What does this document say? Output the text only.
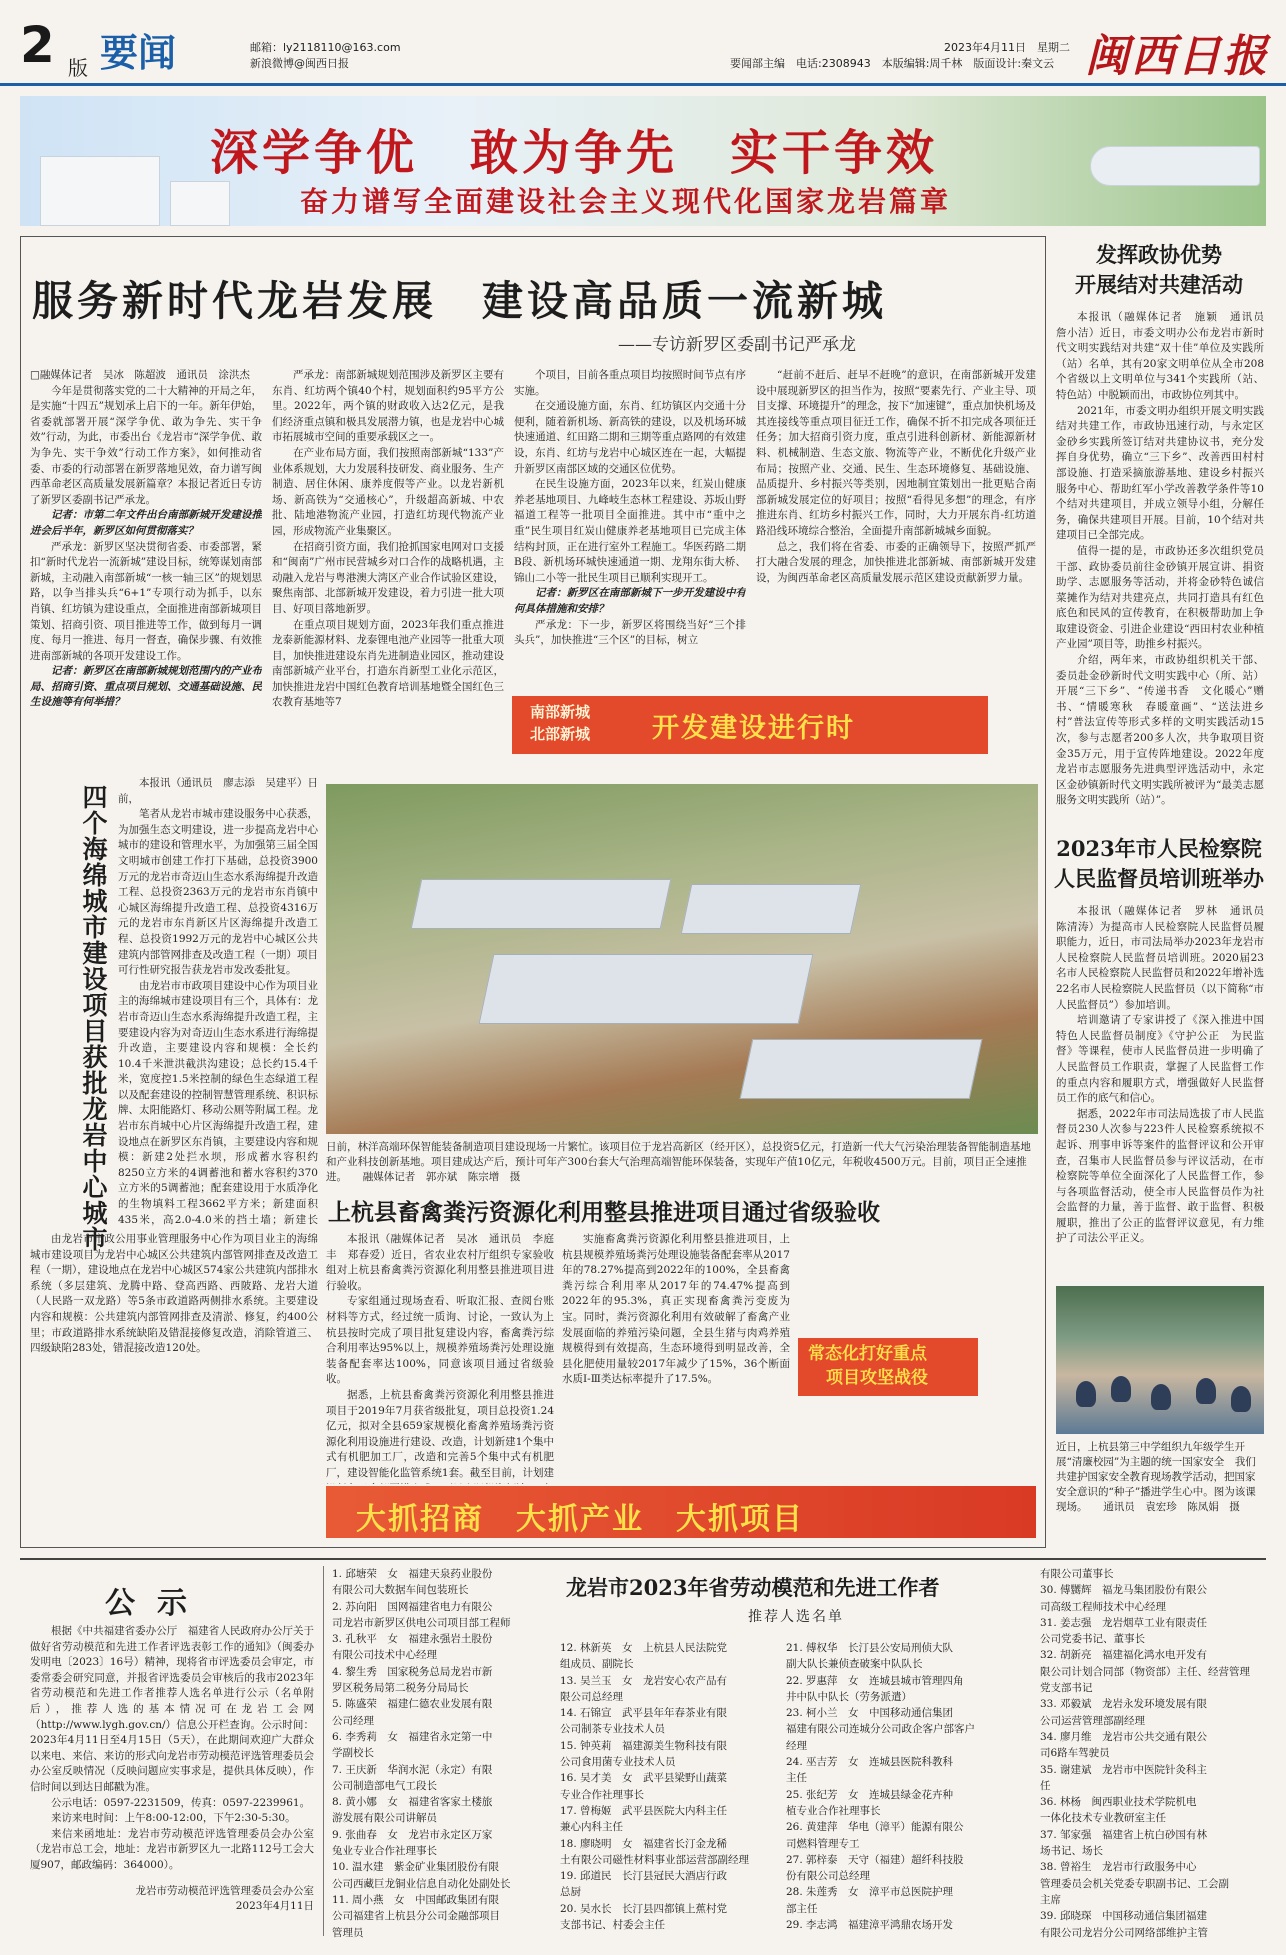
2 版 要闻	邮箱：ly2118110@163.com
新浪微博@闽西日报
2023年4月11日　星期二
要闻部主编　电话:2308943　本版编辑:周千林　版面设计:秦文云 闽西日报
深学争优　敢为争先　实干争效
奋力谱写全面建设社会主义现代化国家龙岩篇章
服务新时代龙岩发展　建设高品质一流新城
——专访新罗区委副书记严承龙

□融媒体记者　吴冰　陈超波　通讯员　涂洪杰

今年是贯彻落实党的二十大精神的开局之年，是实施“十四五”规划承上启下的一年。新年伊始，省委就部署开展“深学争优、敢为争先、实干争效”行动，为此，市委出台《龙岩市“深学争优、敢为争先、实干争效”行动工作方案》，如何推动省委、市委的行动部署在新罗落地见效，奋力谱写闽西革命老区高质量发展新篇章？本报记者近日专访了新罗区委副书记严承龙。

记者：市第二年文件出台南部新城开发建设推进会后半年，新罗区如何贯彻落实？

严承龙：新罗区坚决贯彻省委、市委部署，紧扣“新时代龙岩一流新城”建设目标，统筹谋划南部新城，主动融入南部新城“一核一轴三区”的规划思路，以争当排头兵“6+1”专项行动为抓手，以东肖镇、红坊镇为建设重点，全面推进南部新城项目策划、招商引资、项目推进等工作，做到每月一调度、每月一推进、每月一督查，确保步骤、有效推进南部新城的各项开发建设工作。

记者：新罗区在南部新城规划范围内的产业布局、招商引资、重点项目规划、交通基础设施、民生设施等有何举措？

严承龙：南部新城规划范围涉及新罗区主要有东肖、红坊两个镇40个村，规划面积约95平方公里。2022年，两个镇的财政收入达2亿元，是我们经济重点镇和极具发展潜力镇，也是龙岩中心城市拓展城市空间的重要承载区之一。

在产业布局方面，我们按照南部新城“133”产业体系规划，大力发展科技研发、商业服务、生产制造、居住休闲、康养度假等产业。以龙岩新机场、新高铁为“交通核心”，升级超高新城、中农批、陆地港物流产业园，打造红坊现代物流产业园，形成物流产业集聚区。

在招商引资方面，我们抢抓国家电网对口支援和“闽南”广州市民营城乡对口合作的战略机遇，主动融入龙岩与粤港澳大湾区产业合作试验区建设，聚焦南部、北部新城开发建设，着力引进一批大项目、好项目落地新罗。

在重点项目规划方面，2023年我们重点推进龙泰新能源材料、龙泰锂电池产业园等一批重大项目，加快推进建设东肖先进制造业园区，推动建设南部新城产业平台，打造东肖新型工业化示范区，加快推进龙岩中国红色教育培训基地暨全国红色三农教育基地等7

个项目，目前各重点项目均按照时间节点有序实施。

在交通设施方面，东肖、红坊镇区内交通十分便利，随着新机场、新高铁的建设，以及机场环城快速通道、红田路二期和三期等重点路网的有效建设，东肖、红坊与龙岩中心城区连在一起，大幅提升新罗区南部区域的交通区位优势。

在民生设施方面，2023年以来，红炭山健康养老基地项目、九峰岐生态林工程建设、苏坂山野福道工程等一批项目全面推进。其中市“重中之重”民生项目红炭山健康养老基地项目已完成主体结构封顶，正在进行室外工程施工。华医药路二期B段、新机场环城快速通道一期、龙翔东街大桥、锦山二小等一批民生项目已顺利实现开工。

记者：新罗区在南部新城下一步开发建设中有何具体措施和安排？

严承龙：下一步，新罗区将围绕当好“三个排头兵”，加快推进“三个区”的目标，树立

“赶前不赶后、赶早不赶晚”的意识，在南部新城开发建设中展现新罗区的担当作为，按照“要素先行、产业主导、项目支撑、环境提升”的理念，按下“加速键”，重点加快机场及其连接线等重点项目征迁工作，确保不折不扣完成各项征迁任务；加大招商引资力度，重点引进科创新材、新能源新材料、机械制造、生态文旅、物流等产业，不断优化升级产业布局；按照产业、交通、民生、生态环境修复、基础设施、品质提升、乡村振兴等类别，因地制宜策划出一批更贴合南部新城发展定位的好项目；按照“看得见多想”的理念，有序推进东肖、红坊乡村振兴工作，同时，大力开展东肖-红坊道路沿线环境综合整治，全面提升南部新城城乡面貌。

总之，我们将在省委、市委的正确领导下，按照严抓严打大融合发展的理念，加快推进北部新城、南部新城开发建设，为闽西革命老区高质量发展示范区建设贡献新罗力量。

南部新城
北部新城 开发建设进行时
四个海绵城市建设项目获批龙岩中心城市

本报讯（通讯员　廖志添　吴建平）日前，

笔者从龙岩市城市建设服务中心获悉，为加强生态文明建设，进一步提高龙岩中心城市的建设和管理水平，为加强第三届全国文明城市创建工作打下基础，总投资3900万元的龙岩市奇迈山生态水系海绵提升改造工程、总投资2363万元的龙岩市东肖镇中心城区海绵提升改造工程、总投资4316万元的龙岩市东肖新区片区海绵提升改造工程、总投资1992万元的龙岩中心城区公共建筑内部管网排查及改造工程（一期）项目可行性研究报告获龙岩市发改委批复。

由龙岩市市政项目建设中心作为项目业主的海绵城市建设项目有三个，具体有：龙岩市奇迈山生态水系海绵提升改造工程，主要建设内容为对奇迈山生态水系进行海绵提升改造，主要建设内容和规模：全长约10.4千米泄洪截洪沟建设；总长约15.4千米，宽度控1.5米控制的绿色生态绿道工程以及配套建设的控制智慧管理系统、积识标牌、太阳能路灯、移动公厕等附属工程。龙岩市东肖城中心片区海绵提升改造工程，建设地点在新罗区东肖镇，主要建设内容和规模：新建2处拦水坝，形成蓄水容积约8250立方米的4调蓄池和蓄水容积约370立方米的5调蓄池；配套建设用于水质净化的生物填料工程3662平方米；新建面积435米，高2.0-4.0米的挡土墙；新建长

由龙岩市市政公用事业管理服务中心作为项目业主的海绵城市建设项目为龙岩中心城区公共建筑内部管网排查及改造工程（一期），建设地点在龙岩中心城区574家公共建筑内部排水系统（多层建筑、龙腾中路、登高西路、西陂路、龙岩大道（人民路一双龙路）等5条市政道路两侧排水系统。主要建设内容和规模：公共建筑内部管网排查及清淤、修复，约400公里；市政道路排水系统缺陷及错混接修复改造，消除管道三、四级缺陷283处，错混接改造120处。

日前，林洋高端环保智能装备制造项目建设现场一片繁忙。该项目位于龙岩高新区（经开区），总投资5亿元，打造新一代大气污染治理装备智能制造基地和产业科技创新基地。项目建成达产后，预计可年产300台套大气治理高端智能环保装备，实现年产值10亿元，年税收4500万元。目前，项目正全速推进。　　融媒体记者　郭亦斌　陈宗增　摄
上杭县畜禽粪污资源化利用整县推进项目通过省级验收

本报讯（融媒体记者　吴冰　通讯员　李庭丰　郑春爱）近日，省农业农村厅组织专家验收组对上杭县畜禽粪污资源化利用整县推进项目进行验收。

专家组通过现场查看、听取汇报、查阅台账材料等方式，经过统一质询、讨论，一致认为上杭县按时完成了项目批复建设内容，畜禽粪污综合利用率达95%以上，规模养殖场粪污处理设施装备配套率达100%，同意该项目通过省级验收。

据悉，上杭县畜禽粪污资源化利用整县推进项目于2019年7月获省级批复，项目总投资1.24亿元，拟对全县659家规模化畜禽养殖场粪污资源化利用设施进行建设、改造，计划新建1个集中式有机肥加工厂，改造和完善5个集中式有机肥厂，建设智能化监管系统1套。截至目前，计划建

实施畜禽粪污资源化利用整县推进项目，上杭县规模养殖场粪污处理设施装备配套率从2017年的78.27%提高到2022年的100%，全县畜禽粪污综合利用率从2017年的74.47%提高到2022年的95.3%，真正实现畜禽粪污变废为宝。同时，粪污资源化利用有效破解了畜禽产业发展面临的养殖污染问题，全县生猪与肉鸡养殖规模得到有效提高，生态环境得到明显改善，全县化肥使用量较2017年减少了15%，36个断面水质Ⅰ-Ⅲ类达标率提升了17.5%。

常态化打好重点
项目攻坚战役
大抓招商　大抓产业　大抓项目
发挥政协优势
开展结对共建活动

本报讯（融媒体记者　施颖　通讯员　詹小洁）近日，市委文明办公布龙岩市新时代文明实践结对共建“双十佳”单位及实践所（站）名单，其有20家文明单位从全市208个省级以上文明单位与341个实践所（站、特色站）中脱颖而出，市政协位列其中。

2021年，市委文明办组织开展文明实践结对共建工作，市政协迅速行动，与永定区金砂乡实践所签订结对共建协议书，充分发挥自身优势，确立“三下乡”、改善西田村村部设施、打造采摘旅游基地、建设乡村振兴服务中心、帮助红军小学改善教学条件等10个结对共建项目，并成立领导小组，分解任务，确保共建项目开展。目前，10个结对共建项目已全部完成。

值得一提的是，市政协还多次组织党员干部、政协委员前往金砂镇开展宣讲、捐资助学、志愿服务等活动，并将金砂特色诚信菜摊作为结对共建亮点，共同打造具有红色底色和民风的宣传教育，在积极帮助加上争取建设资金、引进企业建设“西田村农业种植产业园”项目等，助推乡村振兴。

介绍，两年来，市政协组织机关干部、委员赴金砂新时代文明实践中心（所、站）开展“三下乡”、“传递书香　文化暖心”赠书、“情暖寒秋　春暖童画”、“送法进乡村”普法宣传等形式多样的文明实践活动15次，参与志愿者200多人次，共争取项目资金35万元，用于宣传阵地建设。2022年度龙岩市志愿服务先进典型评选活动中，永定区金砂镇新时代文明实践所被评为“最美志愿服务文明实践所（站）”。

2023年市人民检察院
人民监督员培训班举办

本报讯（融媒体记者　罗林　通讯员　陈清涛）为提高市人民检察院人民监督员履职能力，近日，市司法局举办2023年龙岩市人民检察院人民监督员培训班。2020届23名市人民检察院人民监督员和2022年增补选22名市人民检察院人民监督员（以下简称“市人民监督员”）参加培训。

培训邀请了专家讲授了《深入推进中国特色人民监督员制度》《守护公正　为民监督》等课程，使市人民监督员进一步明确了人民监督员工作职责，掌握了人民监督工作的重点内容和履职方式，增强做好人民监督员工作的底气和信心。

据悉，2022年市司法局选拔了市人民监督员230人次参与223件人民检察系统拟不起诉、刑事申诉等案件的监督评议和公开审查，召集市人民监督员参与评议活动，在市检察院等单位全面深化了人民监督工作，参与各项监督活动，使全市人民监督员作为社会监督的力量，善于监督、敢于监督、积极履职，推出了公正的监督评议意见，有力维护了司法公平正义。

近日，上杭县第三中学组织九年级学生开展“清廉校园”为主题的统一国家安全　我们共建护国家安全教育现场教学活动，把国家安全意识的“种子”播进学生心中。图为该课现场。　　通讯员　袁宏珍　陈凤娟　摄
公示

根据《中共福建省委办公厅　福建省人民政府办公厅关于做好省劳动模范和先进工作者评选表彰工作的通知》（闽委办发明电〔2023〕16号）精神，现将省市评选委员会审定，市委常委会研究同意，并报省评选委员会审核后的我市2023年省劳动模范和先进工作者推荐人选名单进行公示（名单附后），推荐人选的基本情况可在龙岩工会网（http://www.lygh.gov.cn/）信息公开栏查询。公示时间：2023年4月11日至4月15日（5天），在此期间欢迎广大群众以来电、来信、来访的形式向龙岩市劳动模范评选管理委员会办公室反映情况（反映问题应实事求是，提供具体反映），作信时间以到达日邮戳为准。

公示电话：0597-2231509，传真：0597-2239961。

来访来电时间：上午8:00-12:00，下午2:30-5:30。

来信来函地址：龙岩市劳动模范评选管理委员会办公室（龙岩市总工会，地址：龙岩市新罗区九一北路112号工会大厦907，邮政编码：364000）。

龙岩市劳动模范评选管理委员会办公室

2023年4月11日

1. 邱塘荣　女　福建天泉药业股份
有限公司大数据车间包装班长
2. 苏向阳　国网福建省电力有限公
司龙岩市新罗区供电公司项目部工程师
3. 孔秋平　女　福建永强岩土股份
有限公司技术中心经理
4. 黎生秀　国家税务总局龙岩市新
罗区税务局第二税务分局局长
5. 陈盛荣　福建仁德农业发展有限
公司经理
6. 李秀莉　女　福建省永定第一中
学副校长
7. 王庆新　华润水泥（永定）有限
公司制造部电气工段长
8. 黄小娜　女　福建省客家土楼旅
游发展有限公司讲解员
9. 张曲春　女　龙岩市永定区万家
兔业专业合作社理事长
10. 温水建　紫金矿业集团股份有限
公司西藏巨龙铜业信息自动化处副处长
11. 周小燕　女　中国邮政集团有限
公司福建省上杭县分公司金融部项目
管理员
龙岩市2023年省劳动模范和先进工作者
推荐人选名单
12. 林新英　女　上杭县人民法院党
组成员、副院长
13. 吴兰玉　女　龙岩安心农产品有
限公司总经理
14. 石锦宣　武平县年年春茶业有限
公司制茶专业技术人员
15. 钟英莉　福建源美生物科技有限
公司食用菌专业技术人员
16. 吴才美　女　武平县梁野山蔬菜
专业合作社理事长
17. 曾梅姬　武平县医院大内科主任
兼心内科主任
18. 廖晓明　女　福建省长汀金龙稀
土有限公司磁性材料事业部运营部副经理
19. 邱道民　长汀县冠民大酒店行政
总厨
20. 吴水长　长汀县四都镇上蕉村党
支部书记、村委会主任
21. 傅权华　长汀县公安局刑侦大队
副大队长兼侦查破案中队队长
22. 罗惠萍　女　连城县城市管理四角
井中队中队长（劳务派遣）
23. 柯小兰　女　中国移动通信集团
福建有限公司连城分公司政企客户部客户
经理
24. 巫吉芳　女　连城县医院科教科
主任
25. 张纪芳　女　连城县绿金花卉种
植专业合作社理事长
26. 黄建萍　华电（漳平）能源有限公
司燃料管理专工
27. 郭梓泰　天守（福建）超纤科技股
份有限公司总经理
28. 朱莲秀　女　漳平市总医院护理
部主任
29. 李志鸿　福建漳平鸿鼎农场开发
有限公司董事长
30. 傅嬲辉　福龙马集团股份有限公
司高级工程师技术中心经理
31. 姜志强　龙岩烟草工业有限责任
公司党委书记、董事长
32. 胡新亮　福建福化鸿水电开发有
限公司计划合同部（物资部）主任、经营管理
党支部书记
33. 邓毅斌　龙岩永发环境发展有限
公司运营管理部副经理
34. 廖月维　龙岩市公共交通有限公
司6路车驾驶员
35. 谢建斌　龙岩市中医院针灸科主
任
36. 林杨　闽西职业技术学院机电
一体化技术专业教研室主任
37. 邹家强　福建省上杭白砂国有林
场书记、场长
38. 曾裕生　龙岩市行政服务中心
管理委员会机关党委专职副书记、工会副
主席
39. 邱晓琛　中国移动通信集团福建
有限公司龙岩分公司网络部维护主管
